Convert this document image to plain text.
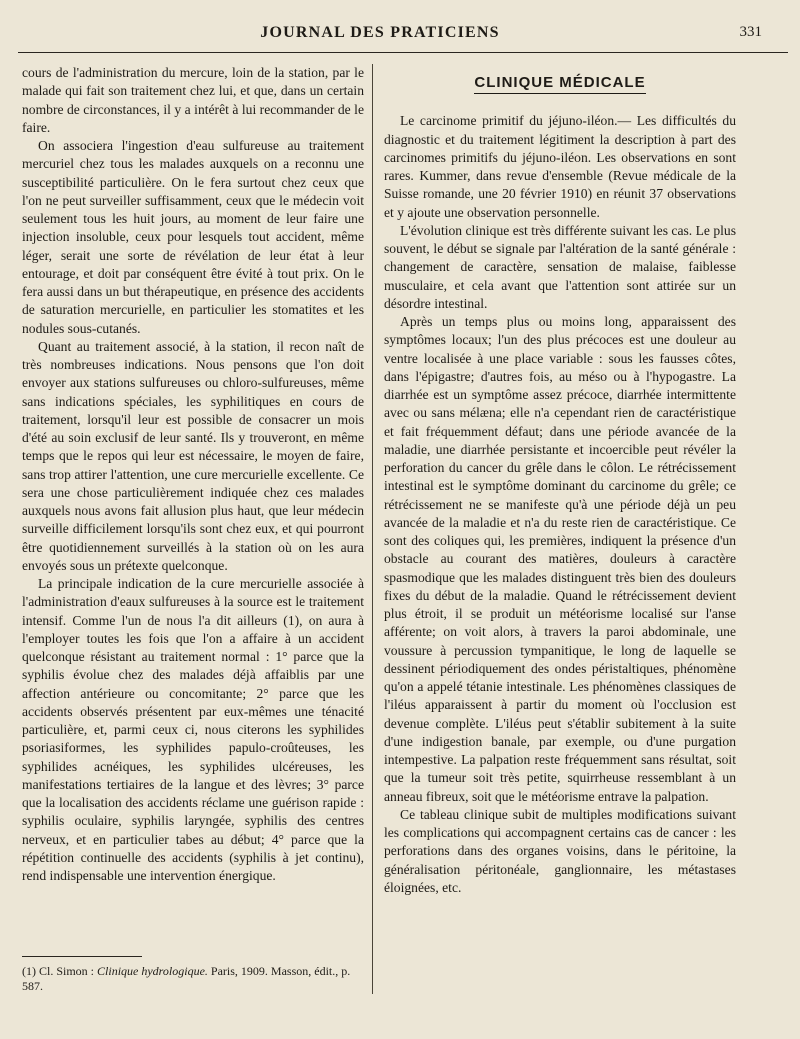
JOURNAL DES PRATICIENS	331

cours de l'administration du mercure, loin de la station, par le malade qui fait son traitement chez lui, et que, dans un certain nombre de circonstances, il y a intérêt à lui recommander de le faire.

On associera l'ingestion d'eau sulfureuse au traitement mercuriel chez tous les malades auxquels on a reconnu une susceptibilité particulière. On le fera surtout chez ceux que l'on ne peut surveiller suffisamment, ceux que le médecin voit seulement tous les huit jours, au moment de leur faire une injection insoluble, ceux pour lesquels tout accident, même léger, serait une sorte de révélation de leur état à leur entourage, et doit par conséquent être évité à tout prix. On le fera aussi dans un but thérapeutique, en présence des accidents de saturation mercurielle, en particulier les stomatites et les nodules sous-cutanés.

Quant au traitement associé, à la station, il recon naît de très nombreuses indications. Nous pensons que l'on doit envoyer aux stations sulfureuses ou chloro-sulfureuses, même sans indications spéciales, les syphilitiques en cours de traitement, lorsqu'il leur est possible de consacrer un mois d'été au soin exclusif de leur santé. Ils y trouveront, en même temps que le repos qui leur est nécessaire, le moyen de faire, sans trop attirer l'attention, une cure mercurielle excellente. Ce sera une chose particulièrement indiquée chez ces malades auxquels nous avons fait allusion plus haut, que leur médecin surveille difficilement lorsqu'ils sont chez eux, et qui pourront être quotidiennement surveillés à la station où on les aura envoyés sous un prétexte quelconque.

La principale indication de la cure mercurielle associée à l'administration d'eaux sulfureuses à la source est le traitement intensif. Comme l'un de nous l'a dit ailleurs (1), on aura à l'employer toutes les fois que l'on a affaire à un accident quelconque résistant au traitement normal : 1° parce que la syphilis évolue chez des malades déjà affaiblis par une affection antérieure ou concomitante; 2° parce que les accidents observés présentent par eux-mêmes une ténacité particulière, et, parmi ceux ci, nous citerons les syphilides psoriasiformes, les syphilides papulo-croûteuses, les syphilides acnéiques, les syphilides ulcéreuses, les manifestations tertiaires de la langue et des lèvres; 3° parce que la localisation des accidents réclame une guérison rapide : syphilis oculaire, syphilis laryngée, syphilis des centres nerveux, et en particulier tabes au début; 4° parce que la répétition continuelle des accidents (syphilis à jet continu), rend indispensable une intervention énergique.

CLINIQUE MÉDICALE

Le carcinome primitif du jéjuno-iléon.— Les difficultés du diagnostic et du traitement légitiment la description à part des carcinomes primitifs du jéjuno-iléon. Les observations en sont rares. Kummer, dans revue d'ensemble (Revue médicale de la Suisse romande, une 20 février 1910) en réunit 37 observations et y ajoute une observation personnelle.

L'évolution clinique est très différente suivant les cas. Le plus souvent, le début se signale par l'altération de la santé générale : changement de caractère, sensation de malaise, faiblesse musculaire, et cela avant que l'attention sont attirée sur un désordre intestinal.

Après un temps plus ou moins long, apparaissent des symptômes locaux; l'un des plus précoces est une douleur au ventre localisée à une place variable : sous les fausses côtes, dans l'épigastre; d'autres fois, au méso ou à l'hypogastre. La diarrhée est un symptôme assez précoce, diarrhée intermittente avec ou sans mélæna; elle n'a cependant rien de caractéristique et fait fréquemment défaut; dans une période avancée de la maladie, une diarrhée persistante et incoercible peut révéler la perforation du cancer du grêle dans le côlon. Le rétrécissement intestinal est le symptôme dominant du carcinome du grêle; ce rétrécissement ne se manifeste qu'à une période déjà un peu avancée de la maladie et n'a du reste rien de caractéristique. Ce sont des coliques qui, les premières, indiquent la présence d'un obstacle au courant des matières, douleurs à caractère spasmodique que les malades distinguent très bien des douleurs fixes du début de la maladie. Quand le rétrécissement devient plus étroit, il se produit un météorisme localisé sur l'anse afférente; on voit alors, à travers la paroi abdominale, une voussure à percussion tympanitique, le long de laquelle se dessinent périodiquement des ondes péristaltiques, phénomène qu'on a appelé tétanie intestinale. Les phénomènes classiques de l'iléus apparaissent à partir du moment où l'occlusion est devenue complète. L'iléus peut s'établir subitement à la suite d'une indigestion banale, par exemple, ou d'une purgation intempestive. La palpation reste fréquemment sans résultat, soit que la tumeur soit très petite, squirrheuse ressemblant à un anneau fibreux, soit que le météorisme entrave la palpation.

Ce tableau clinique subit de multiples modifications suivant les complications qui accompagnent certains cas de cancer : les perforations dans des organes voisins, dans le péritoine, la généralisation péritonéale, ganglionnaire, les métastases éloignées, etc.

(1) Cl. Simon : Clinique hydrologique. Paris, 1909. Masson, édit., p. 587.
